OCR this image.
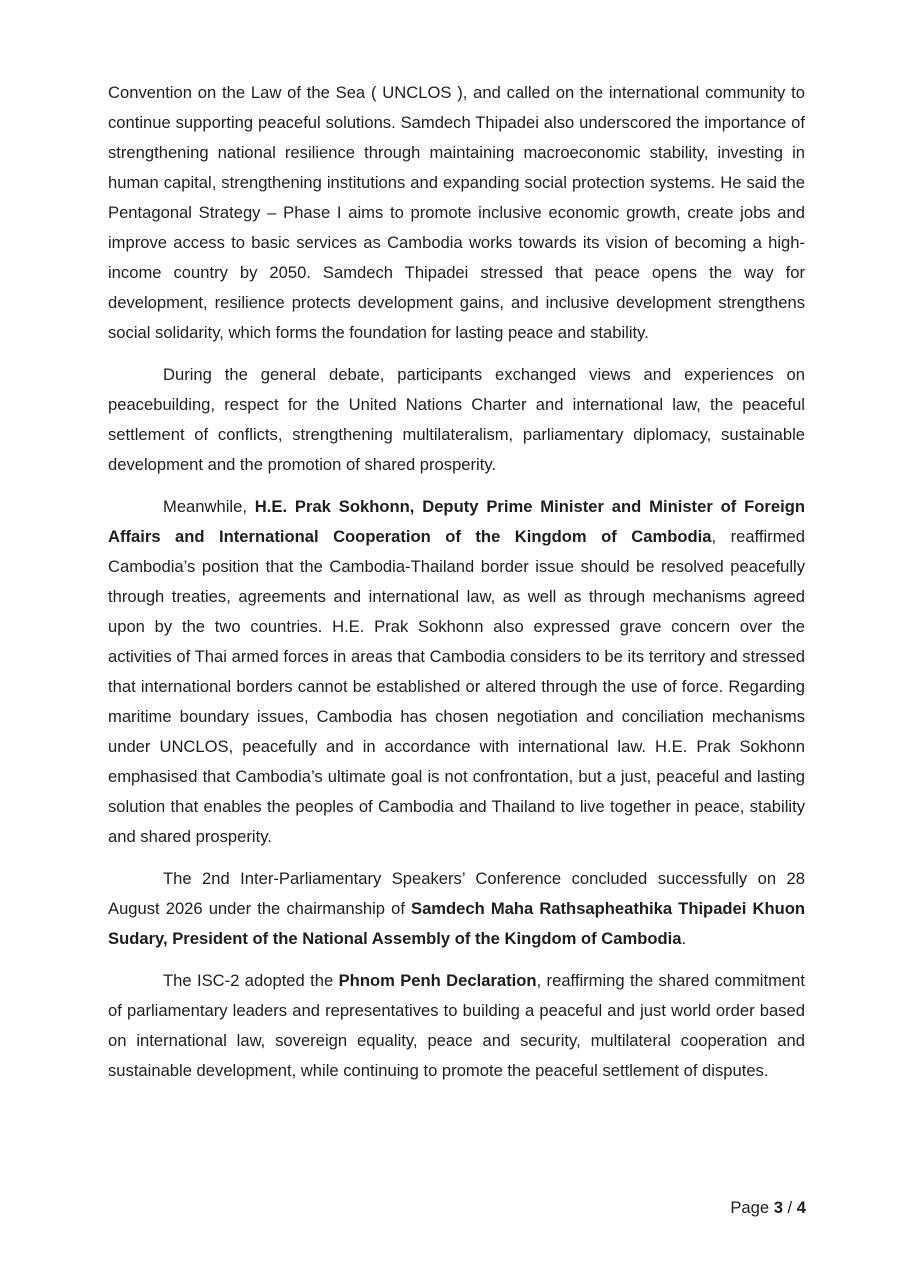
Convention on the Law of the Sea ( UNCLOS ), and called on the international community to continue supporting peaceful solutions. Samdech Thipadei also underscored the importance of strengthening national resilience through maintaining macroeconomic stability, investing in human capital, strengthening institutions and expanding social protection systems. He said the Pentagonal Strategy – Phase I aims to promote inclusive economic growth, create jobs and improve access to basic services as Cambodia works towards its vision of becoming a high-income country by 2050. Samdech Thipadei stressed that peace opens the way for development, resilience protects development gains, and inclusive development strengthens social solidarity, which forms the foundation for lasting peace and stability.

During the general debate, participants exchanged views and experiences on peacebuilding, respect for the United Nations Charter and international law, the peaceful settlement of conflicts, strengthening multilateralism, parliamentary diplomacy, sustainable development and the promotion of shared prosperity.

Meanwhile, H.E. Prak Sokhonn, Deputy Prime Minister and Minister of Foreign Affairs and International Cooperation of the Kingdom of Cambodia, reaffirmed Cambodia’s position that the Cambodia-Thailand border issue should be resolved peacefully through treaties, agreements and international law, as well as through mechanisms agreed upon by the two countries. H.E. Prak Sokhonn also expressed grave concern over the activities of Thai armed forces in areas that Cambodia considers to be its territory and stressed that international borders cannot be established or altered through the use of force. Regarding maritime boundary issues, Cambodia has chosen negotiation and conciliation mechanisms under UNCLOS, peacefully and in accordance with international law. H.E. Prak Sokhonn emphasised that Cambodia’s ultimate goal is not confrontation, but a just, peaceful and lasting solution that enables the peoples of Cambodia and Thailand to live together in peace, stability and shared prosperity.

The 2nd Inter-Parliamentary Speakers’ Conference concluded successfully on 28 August 2026 under the chairmanship of Samdech Maha Rathsapheathika Thipadei Khuon Sudary, President of the National Assembly of the Kingdom of Cambodia.

The ISC-2 adopted the Phnom Penh Declaration, reaffirming the shared commitment of parliamentary leaders and representatives to building a peaceful and just world order based on international law, sovereign equality, peace and security, multilateral cooperation and sustainable development, while continuing to promote the peaceful settlement of disputes.

Page 3 / 4
